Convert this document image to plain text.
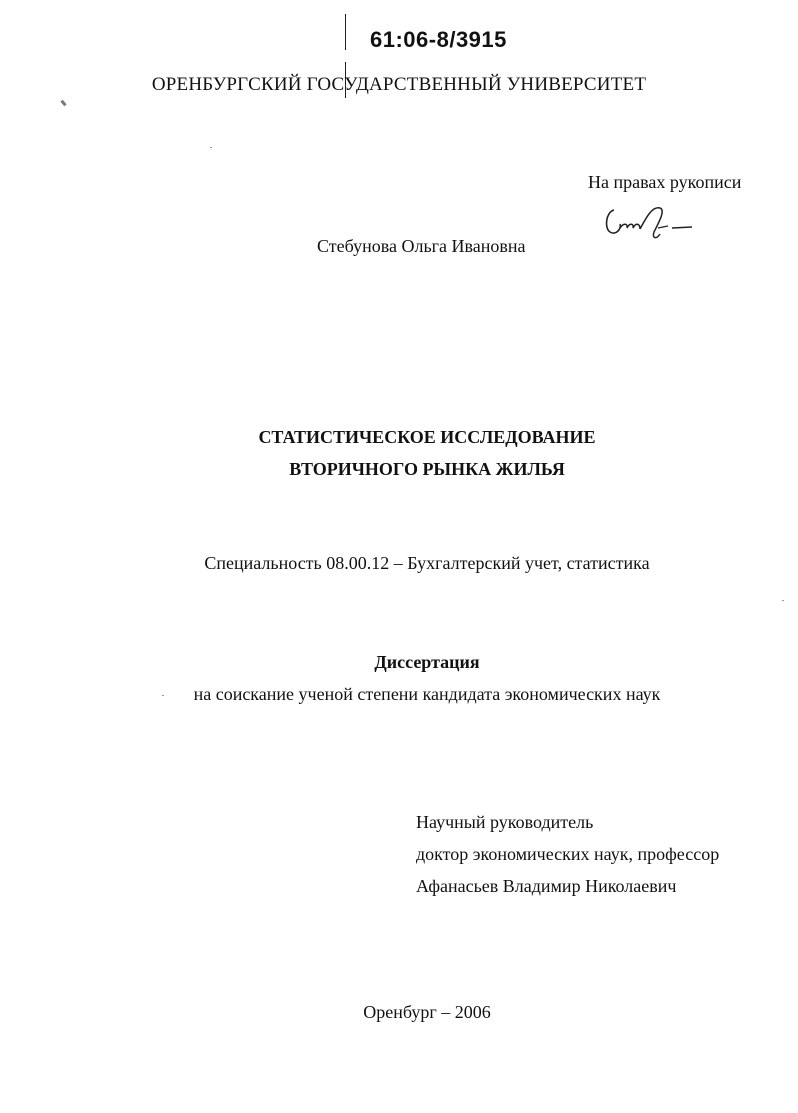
61:06-8/3915
ОРЕНБУРГСКИЙ ГОСУДАРСТВЕННЫЙ УНИВЕРСИТЕТ
На правах рукописи
Стебунова Ольга Ивановна
СТАТИСТИЧЕСКОЕ ИССЛЕДОВАНИЕ
ВТОРИЧНОГО РЫНКА ЖИЛЬЯ
Специальность 08.00.12 – Бухгалтерский учет, статистика
Диссертация
на соискание ученой степени кандидата экономических наук
Научный руководитель
доктор экономических наук, профессор
Афанасьев Владимир Николаевич
Оренбург – 2006
